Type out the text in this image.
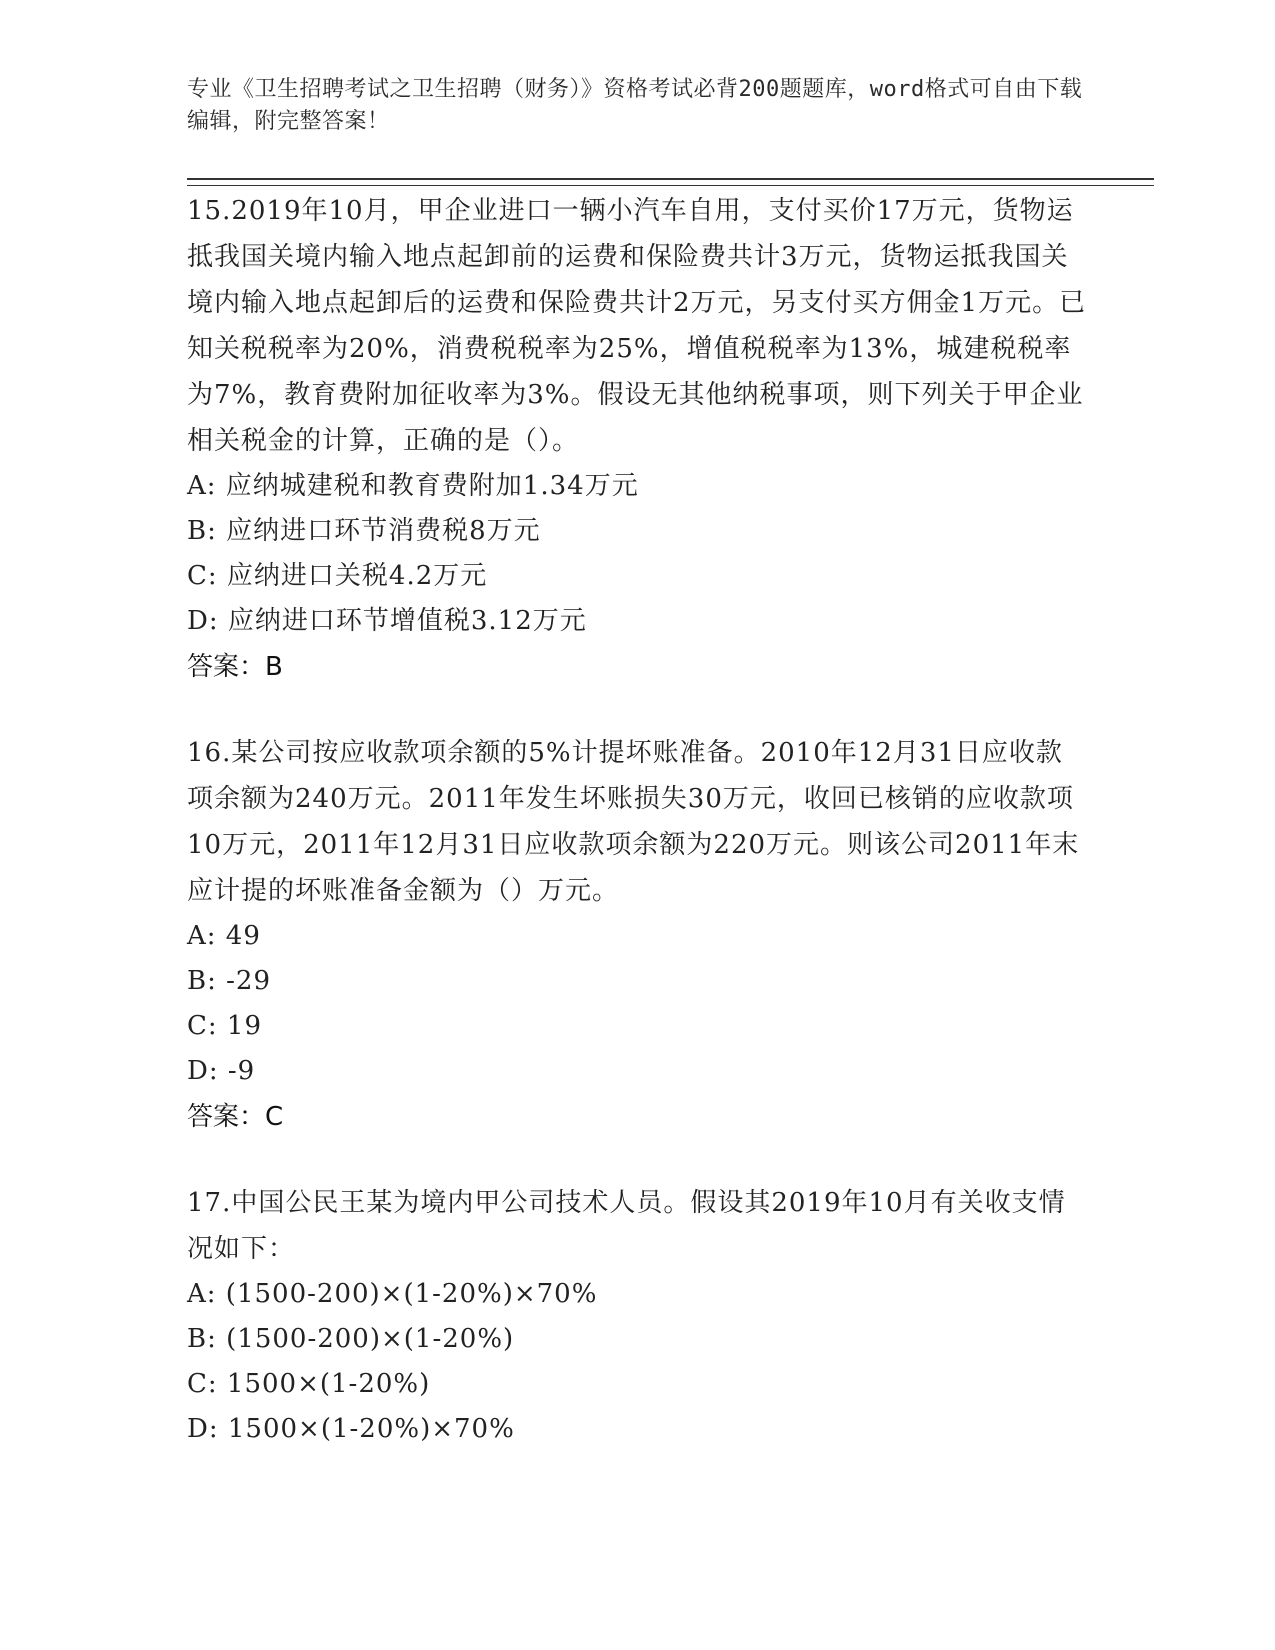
专业《卫生招聘考试之卫生招聘（财务）》资格考试必背200题题库，word格式可自由下载编辑，附完整答案！

15.2019年10月，甲企业进口一辆小汽车自用，支付买价17万元，货物运抵我国关境内输入地点起卸前的运费和保险费共计3万元，货物运抵我国关境内输入地点起卸后的运费和保险费共计2万元，另支付买方佣金1万元。已知关税税率为20%，消费税税率为25%，增值税税率为13%，城建税税率为7%，教育费附加征收率为3%。假设无其他纳税事项，则下列关于甲企业相关税金的计算，正确的是（）。

A: 应纳城建税和教育费附加1.34万元

B: 应纳进口环节消费税8万元

C: 应纳进口关税4.2万元

D: 应纳进口环节增值税3.12万元

答案：B

16.某公司按应收款项余额的5%计提坏账准备。2010年12月31日应收款项余额为240万元。2011年发生坏账损失30万元，收回已核销的应收款项10万元，2011年12月31日应收款项余额为220万元。则该公司2011年末应计提的坏账准备金额为（）万元。

A: 49

B: -29

C: 19

D: -9

答案：C

17.中国公民王某为境内甲公司技术人员。假设其2019年10月有关收支情况如下：

A: (1500-200)×(1-20%)×70%

B: (1500-200)×(1-20%)

C: 1500×(1-20%)

D: 1500×(1-20%)×70%
